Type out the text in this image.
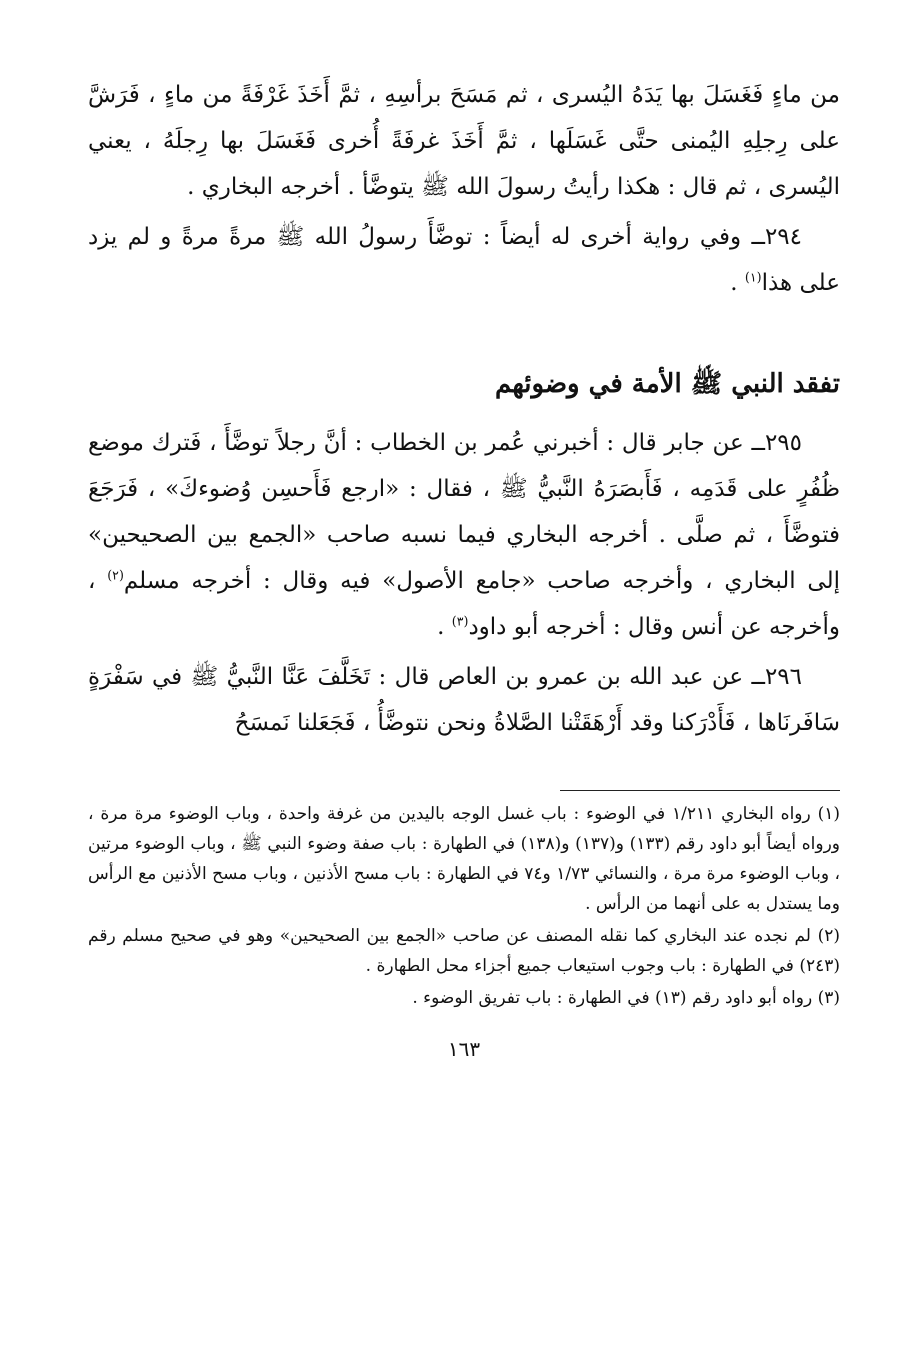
من ماءٍ فَغَسَلَ بها يَدَهُ اليُسرى ، ثم مَسَحَ برأسِهِ ، ثمَّ أَخَذَ غَرْفَةً من ماءٍ ، فَرَشَّ على رِجلِهِ اليُمنى حتَّى غَسَلَها ، ثمَّ أَخَذَ غرفَةً أُخرى فَغَسَلَ بها رِجلَهُ ، يعني اليُسرى ، ثم قال : هكذا رأيتُ رسولَ الله ﷺ يتوضَّأ . أخرجه البخاري .

٢٩٤ــ وفي رواية أخرى له أيضاً : توضَّأَ رسولُ الله ﷺ مرةً مرةً و لم يزد على هذا$^{(١)}$ .

تفقد النبي ﷺ الأمة في وضوئهم

٢٩٥ــ عن جابر قال : أخبرني عُمر بن الخطاب : أنَّ رجلاً توضَّأَ ، فَترك موضع ظُفُرٍ على قَدَمِه ، فَأَبصَرَهُ النَّبيُّ ﷺ ، فقال : «ارجع فَأَحسِن وُضوءكَ» ، فَرَجَعَ فتوضَّأَ ، ثم صلَّى . أخرجه البخاري فيما نسبه صاحب «الجمع بين الصحيحين» إلى البخاري ، وأخرجه صاحب «جامع الأصول» فيه وقال : أخرجه مسلم$^{(٢)}$ ، وأخرجه عن أنس وقال : أخرجه أبو داود$^{(٣)}$ .

٢٩٦ــ عن عبد الله بن عمرو بن العاص قال : تَخَلَّفَ عَنَّا النَّبيُّ ﷺ في سَفْرَةٍ سَافَرنَاها ، فَأَدْرَكنا وقد أَرْهَقَتْنا الصَّلاةُ ونحن نتوضَّأُ ، فَجَعَلنا نَمسَحُ

(١) رواه البخاري ١/٢١١ في الوضوء : باب غسل الوجه باليدين من غرفة واحدة ، وباب الوضوء مرة مرة ، ورواه أيضاً أبو داود رقم (١٣٣) و(١٣٧) و(١٣٨) في الطهارة : باب صفة وضوء النبي ﷺ ، وباب الوضوء مرتين ، وباب الوضوء مرة مرة ، والنسائي ١/٧٣ و٧٤ في الطهارة : باب مسح الأذنين ، وباب مسح الأذنين مع الرأس وما يستدل به على أنهما من الرأس .

(٢) لم نجده عند البخاري كما نقله المصنف عن صاحب «الجمع بين الصحيحين» وهو في صحيح مسلم رقم (٢٤٣) في الطهارة : باب وجوب استيعاب جميع أجزاء محل الطهارة .

(٣) رواه أبو داود رقم (١٣) في الطهارة : باب تفريق الوضوء .

١٦٣
